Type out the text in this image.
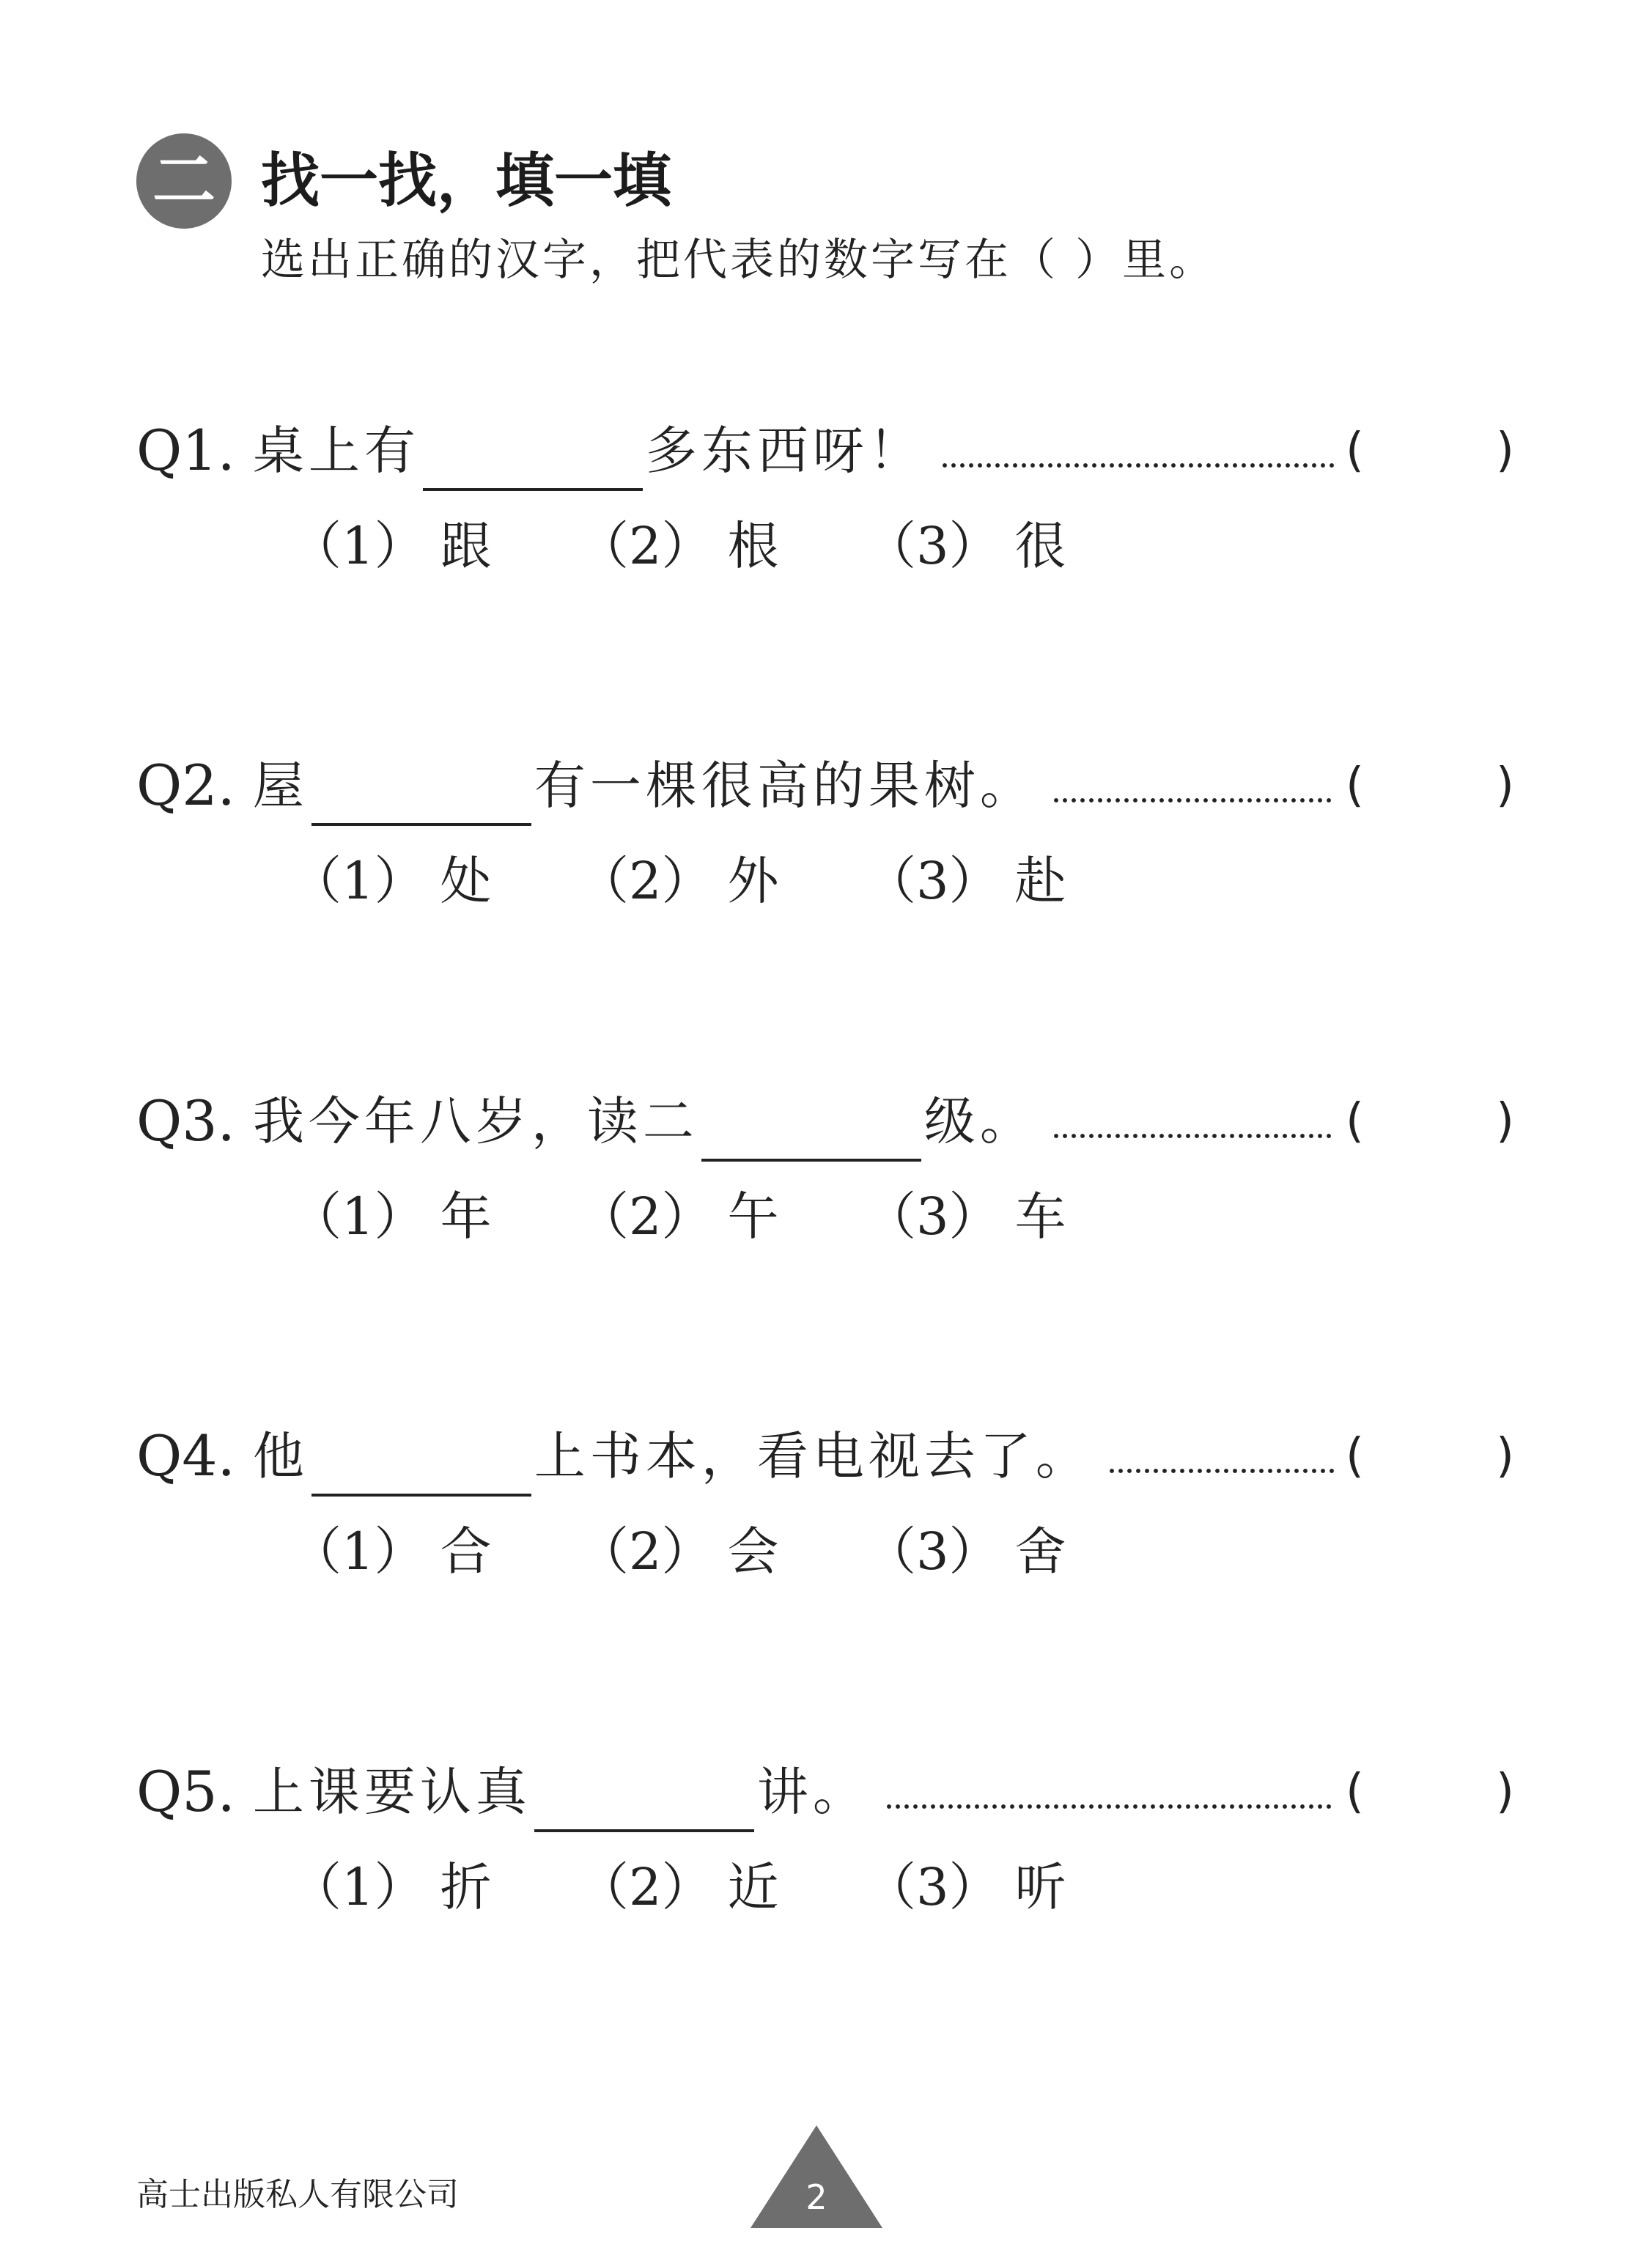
二 找一找，填一填
选出正确的汉字，把代表的数字写在（ ）里。
Q1. 桌上有	多东西呀！	(	)
（1） 跟 （2） 根 （3） 很
Q2. 屋	有一棵很高的果树。	(	)
（1） 处 （2） 外 （3） 赴
Q3. 我今年八岁，读二	级。	(	)
（1） 年 （2） 午 （3） 车
Q4. 他	上书本，看电视去了。	(	)
（1） 合 （2） 会 （3） 舍
Q5. 上课要认真	讲。	(	)
（1） 折 （2） 近 （3） 听
高士出版私人有限公司	2
